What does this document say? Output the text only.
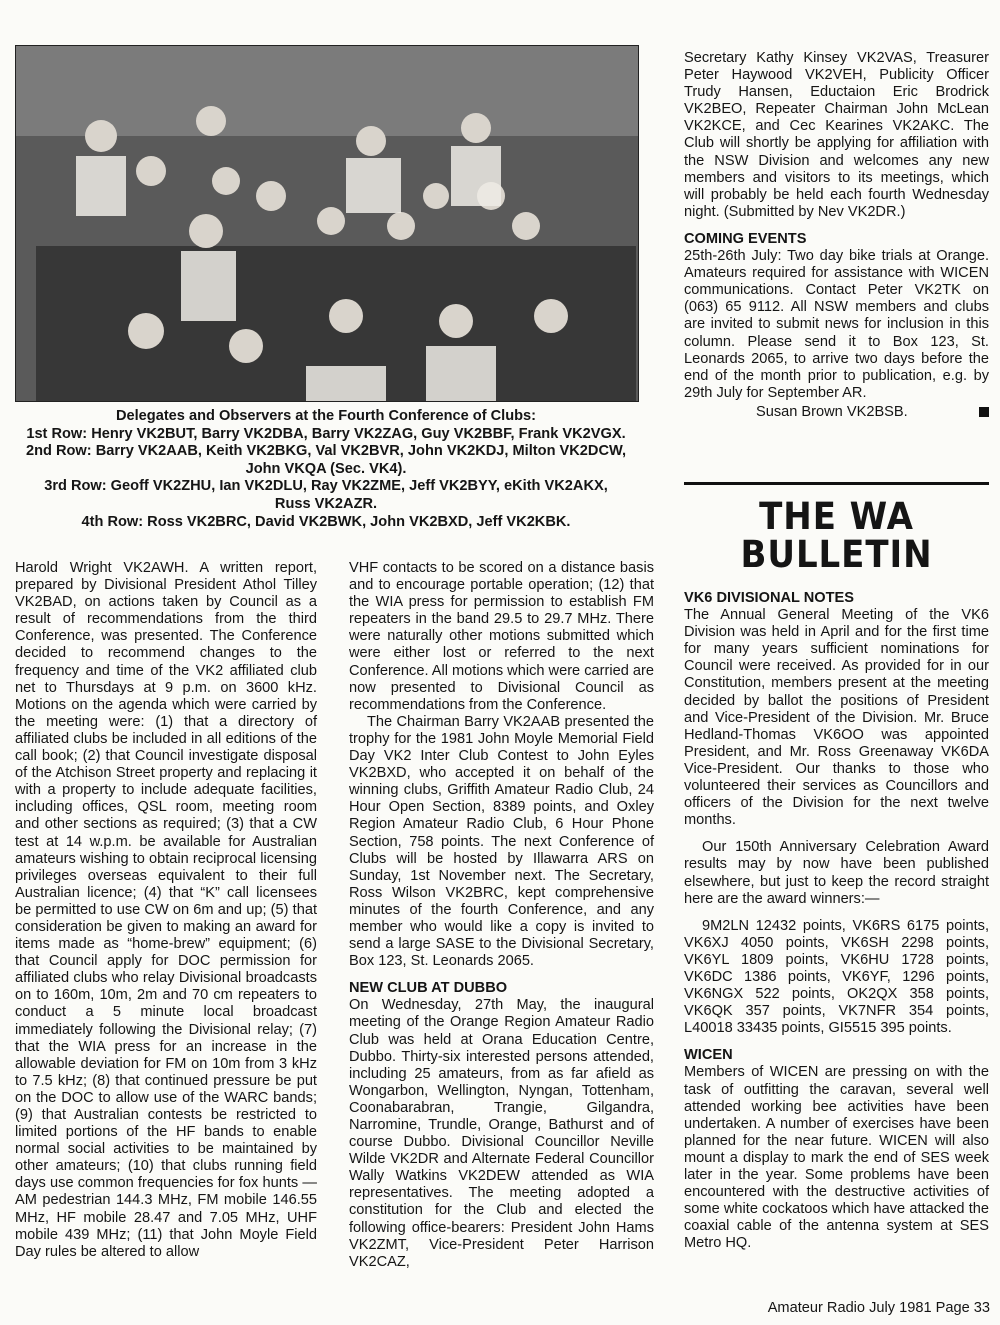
Delegates and Observers at the Fourth Conference of Clubs:
1st Row: Henry VK2BUT, Barry VK2DBA, Barry VK2ZAG, Guy VK2BBF, Frank VK2VGX.
2nd Row: Barry VK2AAB, Keith VK2BKG, Val VK2BVR, John VK2KDJ, Milton VK2DCW,
John VKQA (Sec. VK4).
3rd Row: Geoff VK2ZHU, Ian VK2DLU, Ray VK2ZME, Jeff VK2BYY, eKith VK2AKX,
Russ VK2AZR.
4th Row: Ross VK2BRC, David VK2BWK, John VK2BXD, Jeff VK2KBK.

Harold Wright VK2AWH. A written report, prepared by Divisional President Athol Tilley VK2BAD, on actions taken by Council as a result of recommendations from the third Conference, was presented. The Conference decided to recommend changes to the frequency and time of the VK2 affiliated club net to Thursdays at 9 p.m. on 3600 kHz. Motions on the agenda which were carried by the meeting were: (1) that a directory of affiliated clubs be included in all editions of the call book; (2) that Council investigate disposal of the Atchison Street property and replacing it with a property to include adequate facilities, including offices, QSL room, meeting room and other sections as required; (3) that a CW test at 14 w.p.m. be available for Australian amateurs wishing to obtain reciprocal licensing privileges overseas equivalent to their full Australian licence; (4) that “K” call licensees be permitted to use CW on 6m and up; (5) that consideration be given to making an award for items made as “home-brew” equipment; (6) that Council apply for DOC permission for affiliated clubs who relay Divisional broadcasts on to 160m, 10m, 2m and 70 cm repeaters to conduct a 5 minute local broadcast immediately following the Divisional relay; (7) that the WIA press for an increase in the allowable deviation for FM on 10m from 3 kHz to 7.5 kHz; (8) that continued pressure be put on the DOC to allow use of the WARC bands; (9) that Australian contests be restricted to limited portions of the HF bands to enable normal social activities to be maintained by other amateurs; (10) that clubs running field days use common frequencies for fox hunts — AM pedestrian 144.3 MHz, FM mobile 146.55 MHz, HF mobile 28.47 and 7.05 MHz, UHF mobile 439 MHz; (11) that John Moyle Field Day rules be altered to allow

VHF contacts to be scored on a distance basis and to encourage portable operation; (12) that the WIA press for permission to establish FM repeaters in the band 29.5 to 29.7 MHz. There were naturally other motions submitted which were either lost or referred to the next Conference. All motions which were carried are now presented to Divisional Council as recommendations from the Conference.

The Chairman Barry VK2AAB presented the trophy for the 1981 John Moyle Memorial Field Day VK2 Inter Club Contest to John Eyles VK2BXD, who accepted it on behalf of the winning clubs, Griffith Amateur Radio Club, 24 Hour Open Section, 8389 points, and Oxley Region Amateur Radio Club, 6 Hour Phone Section, 758 points. The next Conference of Clubs will be hosted by Illawarra ARS on Sunday, 1st November next. The Secretary, Ross Wilson VK2BRC, kept comprehensive minutes of the fourth Conference, and any member who would like a copy is invited to send a large SASE to the Divisional Secretary, Box 123, St. Leonards 2065.

NEW CLUB AT DUBBO

On Wednesday, 27th May, the inaugural meeting of the Orange Region Amateur Radio Club was held at Orana Education Centre, Dubbo. Thirty-six interested persons attended, including 25 amateurs, from as far afield as Wongarbon, Wellington, Nyngan, Tottenham, Coonabarabran, Trangie, Gilgandra, Narromine, Trundle, Orange, Bathurst and of course Dubbo. Divisional Councillor Neville Wilde VK2DR and Alternate Federal Councillor Wally Watkins VK2DEW attended as WIA representatives. The meeting adopted a constitution for the Club and elected the following office-bearers: President John Hams VK2ZMT, Vice-President Peter Harrison VK2CAZ,

Secretary Kathy Kinsey VK2VAS, Treasurer Peter Haywood VK2VEH, Publicity Officer Trudy Hansen, Eductaion Eric Brodrick VK2BEO, Repeater Chairman John McLean VK2KCE, and Cec Kearines VK2AKC. The Club will shortly be applying for affiliation with the NSW Division and welcomes any new members and visitors to its meetings, which will probably be held each fourth Wednesday night. (Submitted by Nev VK2DR.)

COMING EVENTS

25th-26th July: Two day bike trials at Orange. Amateurs required for assistance with WICEN communications. Contact Peter VK2TK on (063) 65 9112. All NSW members and clubs are invited to submit news for inclusion in this column. Please send it to Box 123, St. Leonards 2065, to arrive two days before the end of the month prior to publication, e.g. by 29th July for September AR.

Susan Brown VK2BSB.
THE WA
BULLETIN
VK6 DIVISIONAL NOTES

The Annual General Meeting of the VK6 Division was held in April and for the first time for many years sufficient nominations for Council were received. As provided for in our Constitution, members present at the meeting decided by ballot the positions of President and Vice-President of the Division. Mr. Bruce Hedland-Thomas VK6OO was appointed President, and Mr. Ross Greenaway VK6DA Vice-President. Our thanks to those who volunteered their services as Councillors and officers of the Division for the next twelve months.

Our 150th Anniversary Celebration Award results may by now have been published elsewhere, but just to keep the record straight here are the award winners:—

9M2LN 12432 points, VK6RS 6175 points, VK6XJ 4050 points, VK6SH 2298 points, VK6YL 1809 points, VK6HU 1728 points, VK6DC 1386 points, VK6YF, 1296 points, VK6NGX 522 points, OK2QX 358 points, VK6QK 357 points, VK7NFR 354 points, L40018 33435 points, GI5515 395 points.

WICEN

Members of WICEN are pressing on with the task of outfitting the caravan, several well attended working bee activities have been undertaken. A number of exercises have been planned for the near future. WICEN will also mount a display to mark the end of SES week later in the year. Some problems have been encountered with the destructive activities of some white cockatoos which have attacked the coaxial cable of the antenna system at SES Metro HQ.

Amateur Radio July 1981 Page 33
